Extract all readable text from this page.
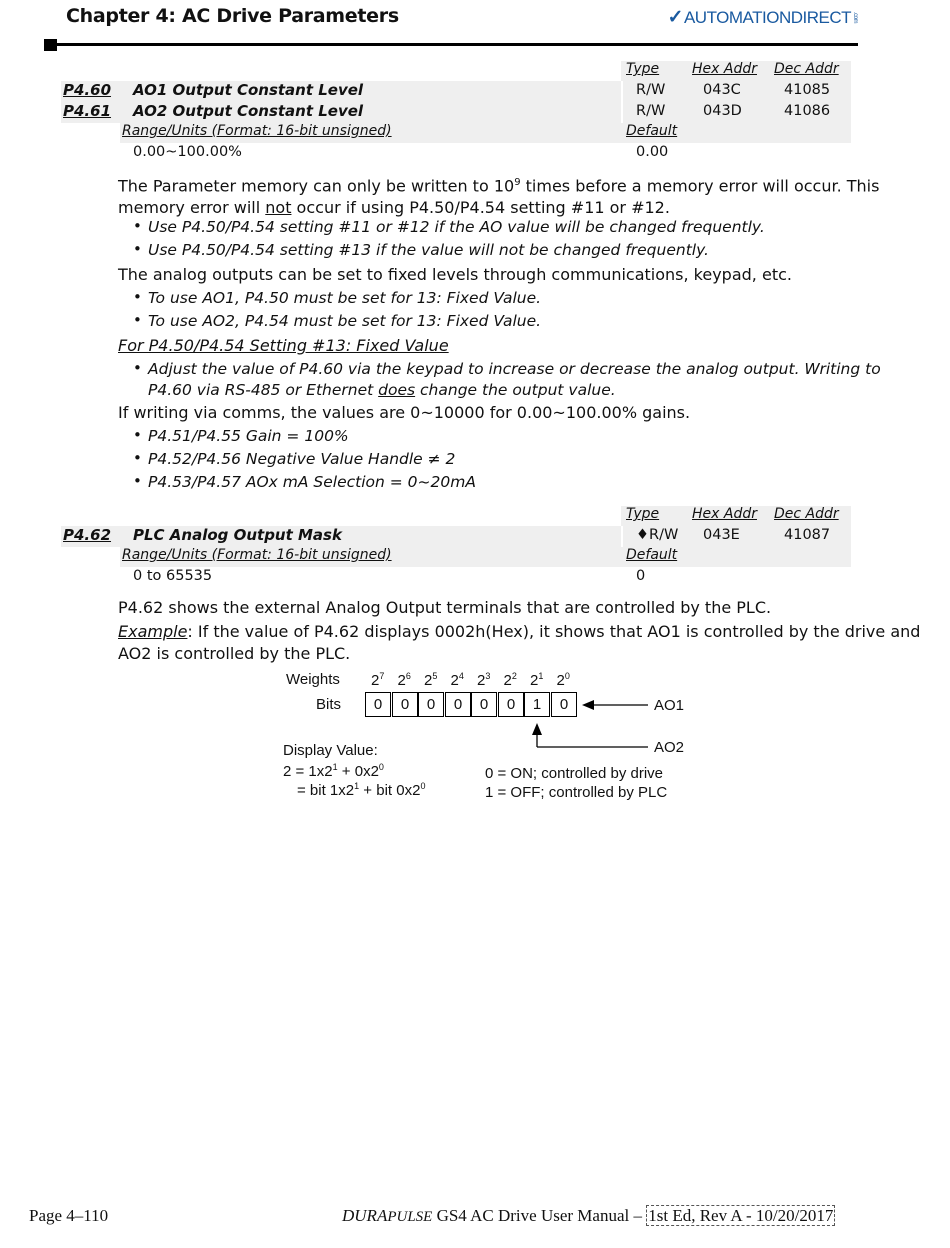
Chapter 4: AC Drive Parameters	✓ AUTOMATIONDIRECT .com
Type Hex Addr Dec Addr
P4.60 AO1 Output Constant Level	R/W	043C	41085
P4.61 AO2 Output Constant Level	R/W	043D	41086
Range/Units (Format: 16-bit unsigned)	Default
0.00~100.00%	0.00
The Parameter memory can only be written to $10^9$ times before a memory error will occur. This
memory error will not occur if using P4.50/P4.54 setting #11 or #12.
• Use P4.50/P4.54 setting #11 or #12 if the AO value will be changed frequently.
• Use P4.50/P4.54 setting #13 if the value will not be changed frequently.
The analog outputs can be set to fixed levels through communications, keypad, etc.
• To use AO1, P4.50 must be set for 13: Fixed Value.
• To use AO2, P4.54 must be set for 13: Fixed Value.
For P4.50/P4.54 Setting #13: Fixed Value
• Adjust the value of P4.60 via the keypad to increase or decrease the analog output. Writing to
P4.60 via RS-485 or Ethernet does change the output value.
If writing via comms, the values are 0~10000 for 0.00~100.00% gains.
• P4.51/P4.55 Gain = 100%
• P4.52/P4.56 Negative Value Handle ≠ 2
• P4.53/P4.57 AOx mA Selection = 0~20mA
Type Hex Addr Dec Addr
P4.62 PLC Analog Output Mask	♦R/W 043E	41087
Range/Units (Format: 16-bit unsigned)	Default
0 to 65535	0
P4.62 shows the external Analog Output terminals that are controlled by the PLC.
Example: If the value of P4.62 displays 0002h(Hex), it shows that AO1 is controlled by the drive and
AO2 is controlled by the PLC.
Weights $2^7$ $2^6$ $2^5$ $2^4$ $2^3$ $2^2$ $2^1$ $2^0$
Bits	0	0	0	0	0	0	1	0	AO1
AO2
Display Value:
$2 = 1x2^1 + 0x2^0$
= bit $1x2^1$ + bit $0x2^0$
0 = ON; controlled by drive
1 = OFF; controlled by PLC
Page 4–110	DURAPULSE GS4 AC Drive User Manual – 1st Ed, Rev A - 10/20/2017
